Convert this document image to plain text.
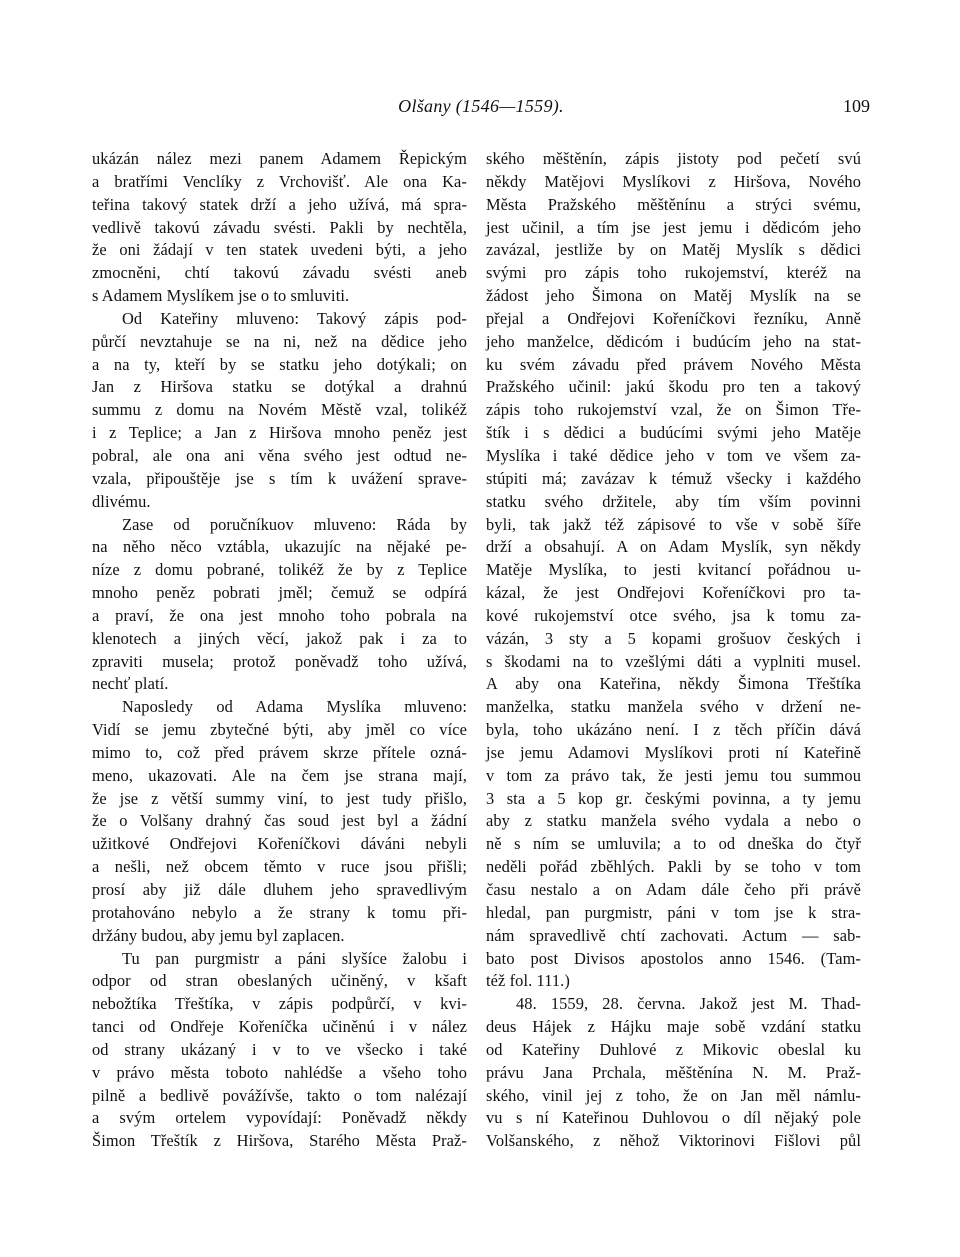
Olšany (1546—1559).	109
ukázán nález mezi panem Adamem Řepickým
a bratřími Venclíky z Vrchovišť. Ale ona Ka-
teřina takový statek drží a jeho užívá, má spra-
vedlivě takovú závadu svésti. Pakli by nechtěla,
že oni žádají v ten statek uvedeni býti, a jeho
zmocněni, chtí takovú závadu svésti aneb
s Adamem Myslíkem jse o to smluviti.
Od Kateřiny mluveno: Takový zápis pod-
půrčí nevztahuje se na ni, než na dědice jeho
a na ty, kteří by se statku jeho dotýkali; on
Jan z Hiršova statku se dotýkal a drahnú
summu z domu na Novém Městě vzal, tolikéž
i z Teplice; a Jan z Hiršova mnoho peněz jest
pobral, ale ona ani věna svého jest odtud ne-
vzala, připouštěje jse s tím k uvážení sprave-
dlivému.
Zase od poručníkuov mluveno: Ráda by
na něho něco vztábla, ukazujíc na nějaké pe-
níze z domu pobrané, tolikéž že by z Teplice
mnoho peněz pobrati jměl; čemuž se odpírá
a praví, že ona jest mnoho toho pobrala na
klenotech a jiných věcí, jakož pak i za to
zpraviti musela; protož poněvadž toho užívá,
nechť platí.
Naposledy od Adama Myslíka mluveno:
Vidí se jemu zbytečné býti, aby jměl co více
mimo to, což před právem skrze přítele ozná-
meno, ukazovati. Ale na čem jse strana mají,
že jse z větší summy viní, to jest tudy přišlo,
že o Volšany drahný čas soud jest byl a žádní
užitkové Ondřejovi Kořeníčkovi dáváni nebyli
a nešli, než obcem těmto v ruce jsou přišli;
prosí aby již dále dluhem jeho spravedlivým
protahováno nebylo a že strany k tomu při-
držány budou, aby jemu byl zaplacen.
Tu pan purgmistr a páni slyšíce žalobu i
odpor od stran obeslaných učiněný, v kšaft
nebožtíka Třeštíka, v zápis podpůrčí, v kvi-
tanci od Ondřeje Kořeníčka učiněnú i v nález
od strany ukázaný i v to ve všecko i také
v právo města toboto nahlédše a všeho toho
pilně a bedlivě povážívše, takto o tom nalézají
a svým ortelem vypovídají: Poněvadž někdy
Šimon Třeštík z Hiršova, Starého Města Praž-
ského měštěnín, zápis jistoty pod pečetí svú
někdy Matějovi Myslíkovi z Hiršova, Nového
Města Pražského měštěnínu a strýci svému,
jest učinil, a tím jse jest jemu i dědicóm jeho
zavázal, jestliže by on Matěj Myslík s dědici
svými pro zápis toho rukojemství, kteréž na
žádost jeho Šimona on Matěj Myslík na se
přejal a Ondřejovi Kořeníčkovi řezníku, Anně
jeho manželce, dědicóm i budúcím jeho na stat-
ku svém závadu před právem Nového Města
Pražského učinil: jakú škodu pro ten a takový
zápis toho rukojemství vzal, že on Šimon Tře-
štík i s dědici a budúcími svými jeho Matěje
Myslíka i také dědice jeho v tom ve všem za-
stúpiti má; zavázav k témuž všecky i každého
statku svého držitele, aby tím vším povinni
byli, tak jakž též zápisové to vše v sobě šíře
drží a obsahují. A on Adam Myslík, syn někdy
Matěje Myslíka, to jesti kvitancí pořádnou u-
kázal, že jest Ondřejovi Kořeníčkovi pro ta-
kové rukojemství otce svého, jsa k tomu za-
vázán, 3 sty a 5 kopami grošuov českých i
s škodami na to vzešlými dáti a vyplniti musel.
A aby ona Kateřina, někdy Šimona Třeštíka
manželka, statku manžela svého v držení ne-
byla, toho ukázáno není. I z těch příčin dává
jse jemu Adamovi Myslíkovi proti ní Kateřině
v tom za právo tak, že jesti jemu tou summou
3 sta a 5 kop gr. českými povinna, a ty jemu
aby z statku manžela svého vydala a nebo o
ně s ním se umluvila; a to od dneška do čtyř
neděli pořád zběhlých. Pakli by se toho v tom
času nestalo a on Adam dále čeho při právě
hledal, pan purgmistr, páni v tom jse k stra-
nám spravedlivě chtí zachovati. Actum — sab-
bato post Divisos apostolos anno 1546. (Tam-
též fol. 111.)
48. 1559, 28. června. Jakož jest M. Thad-
deus Hájek z Hájku maje sobě vzdání statku
od Kateřiny Duhlové z Mikovic obeslal ku
právu Jana Prchala, měštěnína N. M. Praž-
ského, vinil jej z toho, že on Jan měl námlu-
vu s ní Kateřinou Duhlovou o díl nějaký pole
Volšanského, z něhož Viktorinovi Fišlovi půl
